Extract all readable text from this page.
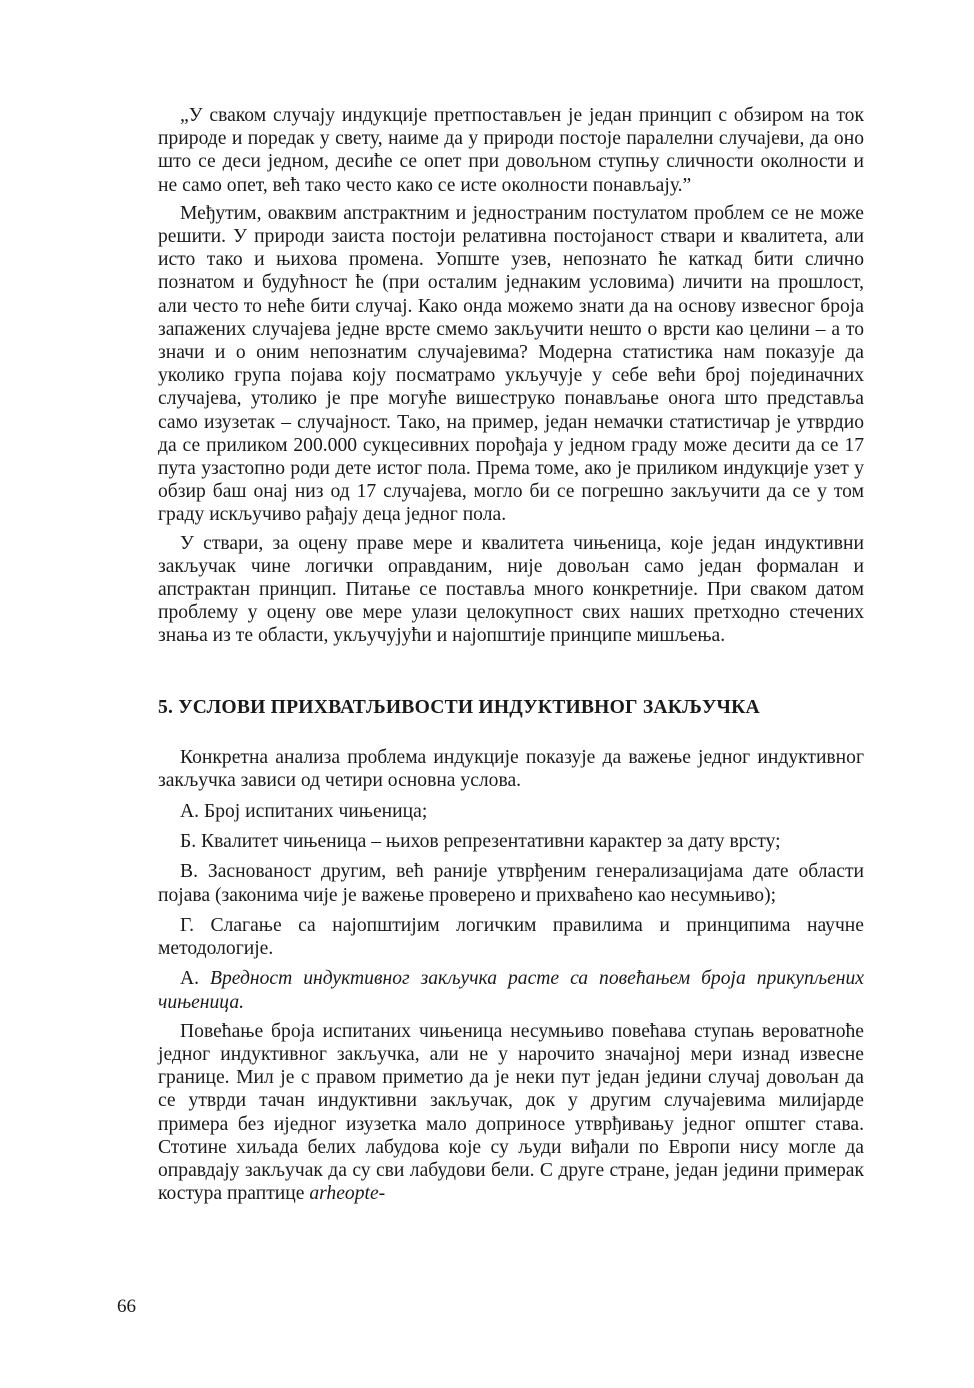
„У сваком случају индукције претпостављен је један принцип с обзиром на ток природе и поредак у свету, наиме да у природи постоје паралелни случајеви, да оно што се деси једном, десиће се опет при довољном ступњу сличности околности и не само опет, већ тако често како се исте околности понављају.”

Међутим, оваквим апстрактним и једностраним постулатом проблем се не може решити. У природи заиста постоји релативна постојаност ствари и квалитета, али исто тако и њихова промена. Уопште узев, непознато ће каткад бити слично познатом и будућност ће (при осталим једнаким условима) личити на прошлост, али често то неће бити случај. Како онда можемо знати да на основу извесног броја запажених случајева једне врсте смемо закључити нешто о врсти као целини – а то значи и о оним непознатим случајевима? Модерна статистика нам показује да уколико група појава коју посматрамо укључује у себе већи број појединачних случајева, утолико је пре могуће вишеструко понављање онога што представља само изузетак – случајност. Тако, на пример, један немачки статистичар је утврдио да се приликом 200.000 сукцесивних порођаја у једном граду може десити да се 17 пута узастопно роди дете истог пола. Према томе, ако је приликом индукције узет у обзир баш онај низ од 17 случајева, могло би се погрешно закључити да се у том граду искључиво рађају деца једног пола.

У ствари, за оцену праве мере и квалитета чињеница, које један индуктивни закључак чине логички оправданим, није довољан само један формалан и апстрактан принцип. Питање се поставља много конкретније. При сваком датом проблему у оцену ове мере улази целокупност свих наших претходно стечених знања из те области, укључујући и најопштије принципе мишљења.

5. УСЛОВИ ПРИХВАТЉИВОСТИ ИНДУКТИВНОГ ЗАКЉУЧКА

Конкретна анализа проблема индукције показује да важење једног индуктивног закључка зависи од четири основна услова.

А. Број испитаних чињеница;

Б. Квалитет чињеница – њихов репрезентативни карактер за дату врсту;

В. Заснованост другим, већ раније утврђеним генерализацијама дате области појава (законима чије је важење проверено и прихваћено као несумњиво);

Г. Слагање са најопштијим логичким правилима и принципима научне методологије.

А. Вредност индуктивног закључка расте са повећањем броја прикупљених чињеница.

Повећање броја испитаних чињеница несумњиво повећава ступањ вероватноће једног индуктивног закључка, али не у нарочито значајној мери изнад извесне границе. Мил је с правом приметио да је неки пут један једини случај довољан да се утврди тачан индуктивни закључак, док у другим случајевима милијарде примера без иједног изузетка мало доприносе утврђивању једног општег става. Стотине хиљада белих лабудова које су људи виђали по Европи нису могле да оправдају закључак да су сви лабудови бели. С друге стране, један једини примерак костура праптице arheopte-

66
